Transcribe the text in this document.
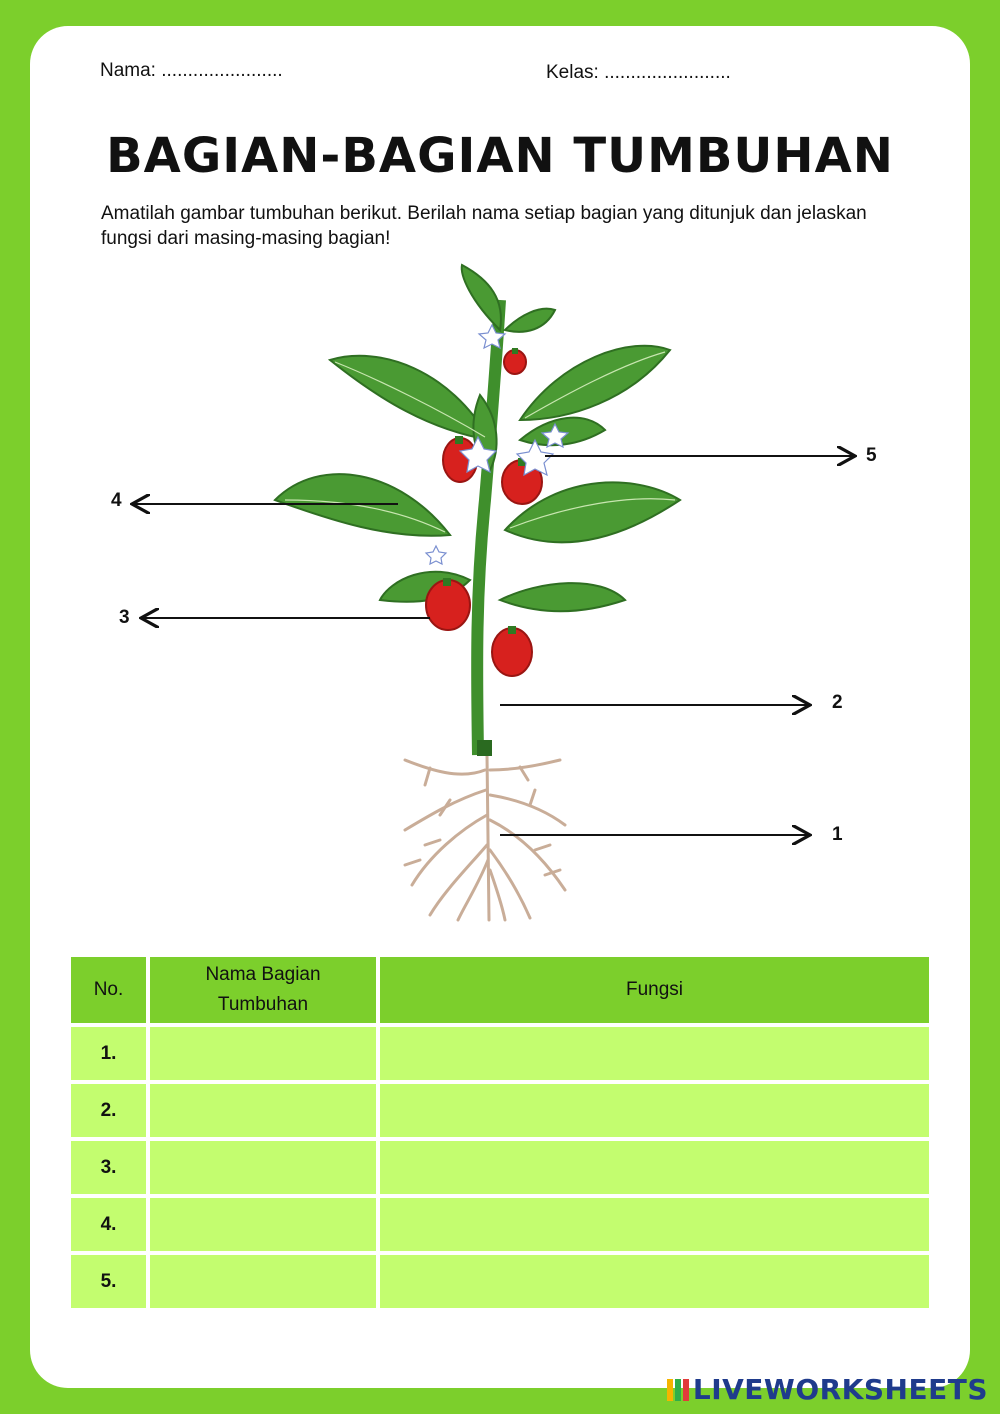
Nama: .......................	Kelas: ........................
BAGIAN-BAGIAN TUMBUHAN
Amatilah gambar tumbuhan berikut. Berilah nama setiap bagian yang ditunjuk dan jelaskan fungsi dari masing-masing bagian!
1
2
3
4
5
No.	Nama Bagian Tumbuhan	Fungsi
1.		
2.		
3.		
4.		
5.		
LIVEWORKSHEETS
